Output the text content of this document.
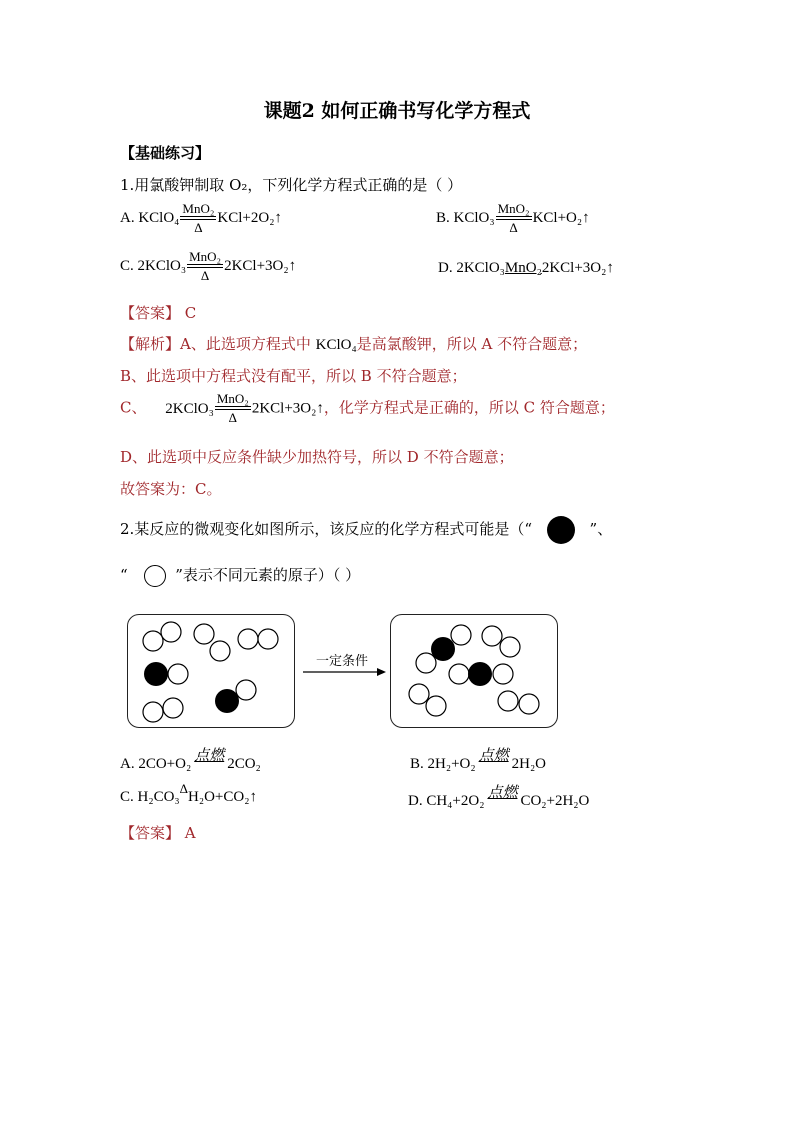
课题2 如何正确书写化学方程式
【基础练习】
1.用氯酸钾制取 O₂，下列化学方程式正确的是（ ）
A. KClO₄
MnO₂
Δ
KCl+2O₂↑	B. KClO₃
MnO₂
Δ
KCl+O₂↑
C. 2KClO₃
MnO₂
Δ
2KCl+3O₂↑	D. 2KClO₃MnO₂2KCl+3O₂↑
【答案】 C
【解析】A、此选项方程式中 KClO₄是高氯酸钾，所以 A 不符合题意；
B、此选项中方程式没有配平，所以 B 不符合题意；
C、 2KClO₃
MnO₂
Δ
2KCl+3O₂↑，化学方程式是正确的，所以 C 符合题意；
D、此选项中反应条件缺少加热符号，所以 D 不符合题意；
故答案为：C。
2.某反应的微观变化如图所示，该反应的化学方程式可能是（“	”、
“	”表示不同元素的原子）（ ）
一定条件
A. 2CO+O₂ 点燃 2CO₂	B. 2H₂+O₂ 点燃 2H₂O
C. H₂CO₃ΔH₂O+CO₂↑	D. CH₄+2O₂ 点燃 CO₂+2H₂O
【答案】 A
